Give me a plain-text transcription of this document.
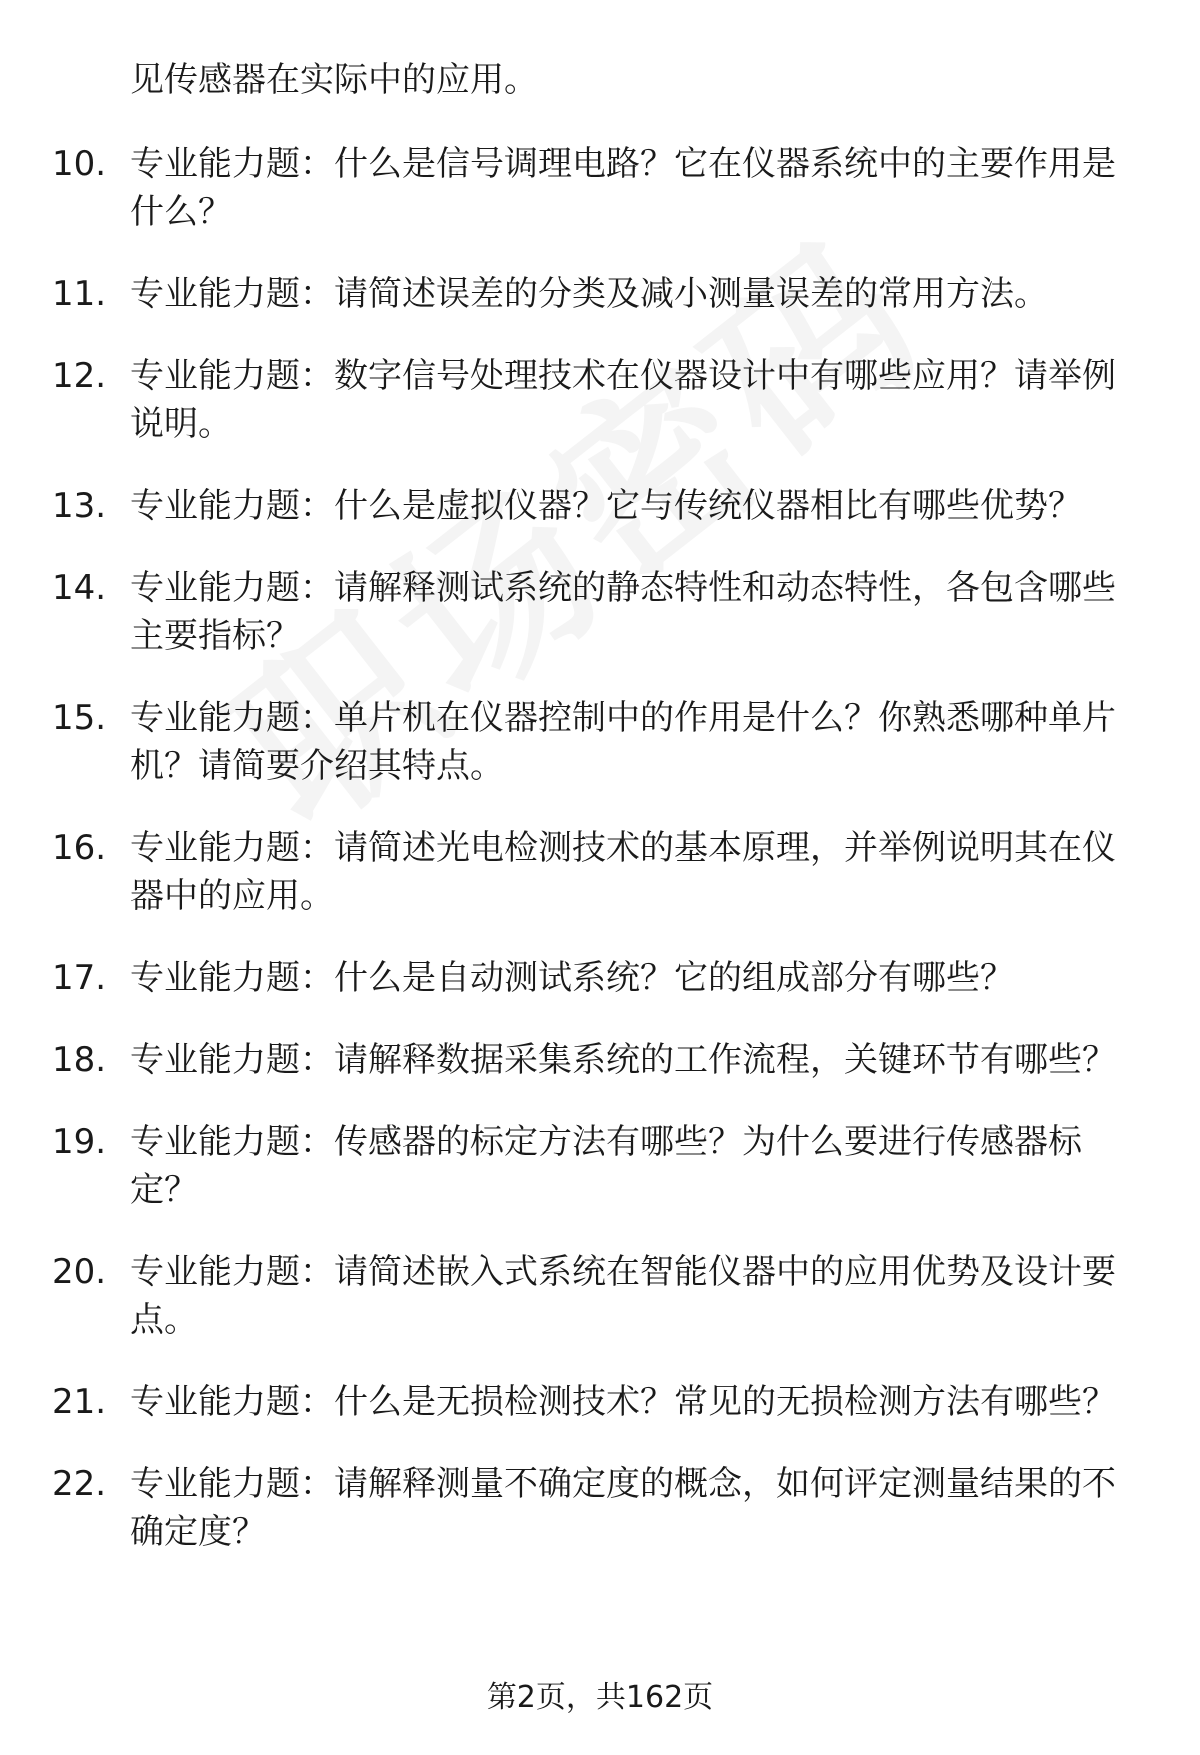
见传感器在实际中的应用。
10. 专业能力题：什么是信号调理电路？它在仪器系统中的主要作用是什么？
11. 专业能力题：请简述误差的分类及减小测量误差的常用方法。
12. 专业能力题：数字信号处理技术在仪器设计中有哪些应用？请举例说明。
13. 专业能力题：什么是虚拟仪器？它与传统仪器相比有哪些优势？
14. 专业能力题：请解释测试系统的静态特性和动态特性，各包含哪些主要指标？
15. 专业能力题：单片机在仪器控制中的作用是什么？你熟悉哪种单片机？请简要介绍其特点。
16. 专业能力题：请简述光电检测技术的基本原理，并举例说明其在仪器中的应用。
17. 专业能力题：什么是自动测试系统？它的组成部分有哪些？
18. 专业能力题：请解释数据采集系统的工作流程，关键环节有哪些？
19. 专业能力题：传感器的标定方法有哪些？为什么要进行传感器标定？
20. 专业能力题：请简述嵌入式系统在智能仪器中的应用优势及设计要点。
21. 专业能力题：什么是无损检测技术？常见的无损检测方法有哪些？
22. 专业能力题：请解释测量不确定度的概念，如何评定测量结果的不确定度？
第2页，共162页
